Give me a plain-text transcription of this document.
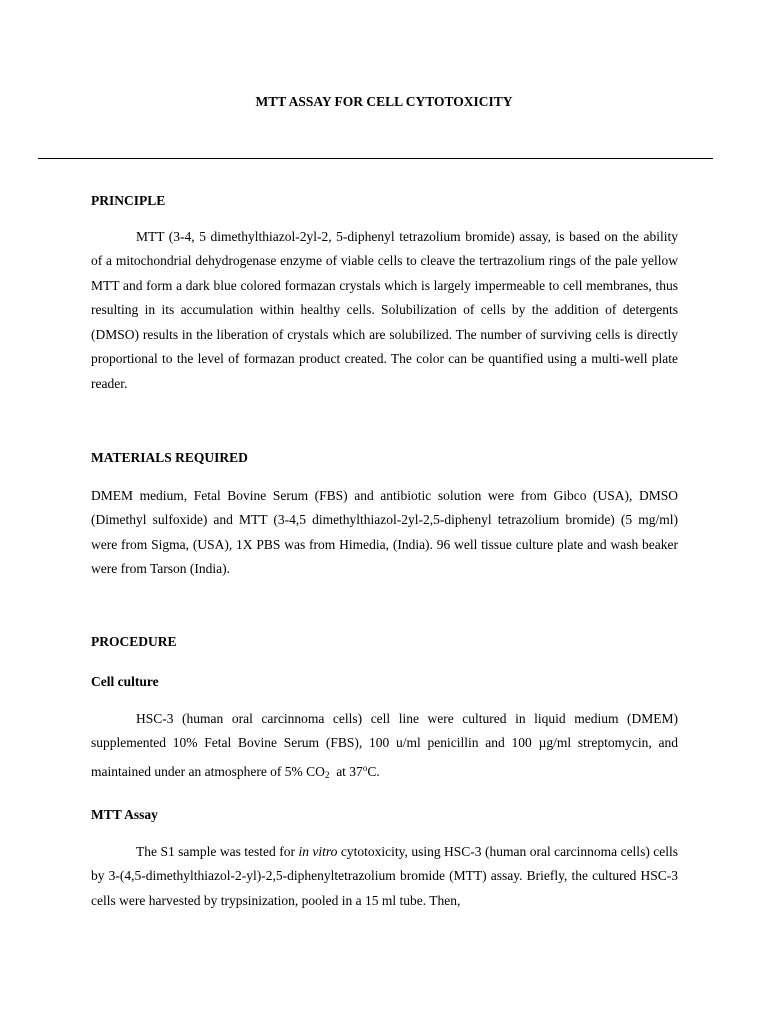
MTT ASSAY FOR CELL CYTOTOXICITY
PRINCIPLE

MTT (3-4, 5 dimethylthiazol-2yl-2, 5-diphenyl tetrazolium bromide) assay, is based on the ability of a mitochondrial dehydrogenase enzyme of viable cells to cleave the tertrazolium rings of the pale yellow MTT and form a dark blue colored formazan crystals which is largely impermeable to cell membranes, thus resulting in its accumulation within healthy cells. Solubilization of cells by the addition of detergents (DMSO) results in the liberation of crystals which are solubilized. The number of surviving cells is directly proportional to the level of formazan product created. The color can be quantified using a multi-well plate reader.

MATERIALS REQUIRED

DMEM medium, Fetal Bovine Serum (FBS) and antibiotic solution were from Gibco (USA), DMSO (Dimethyl sulfoxide) and MTT (3-4,5 dimethylthiazol-2yl-2,5-diphenyl tetrazolium bromide) (5 mg/ml) were from Sigma, (USA), 1X PBS was from Himedia, (India). 96 well tissue culture plate and wash beaker were from Tarson (India).

PROCEDURE
Cell culture

HSC-3 (human oral carcinnoma cells) cell line were cultured in liquid medium (DMEM) supplemented 10% Fetal Bovine Serum (FBS), 100 u/ml penicillin and 100 µg/ml streptomycin, and maintained under an atmosphere of 5% $CO_2$  at 37$^o$C.

MTT Assay

The S1 sample was tested for in vitro cytotoxicity, using HSC-3 (human oral carcinnoma cells) cells by 3-(4,5-dimethylthiazol-2-yl)-2,5-diphenyltetrazolium bromide (MTT) assay. Briefly, the cultured HSC-3 cells were harvested by trypsinization, pooled in a 15 ml tube. Then,
